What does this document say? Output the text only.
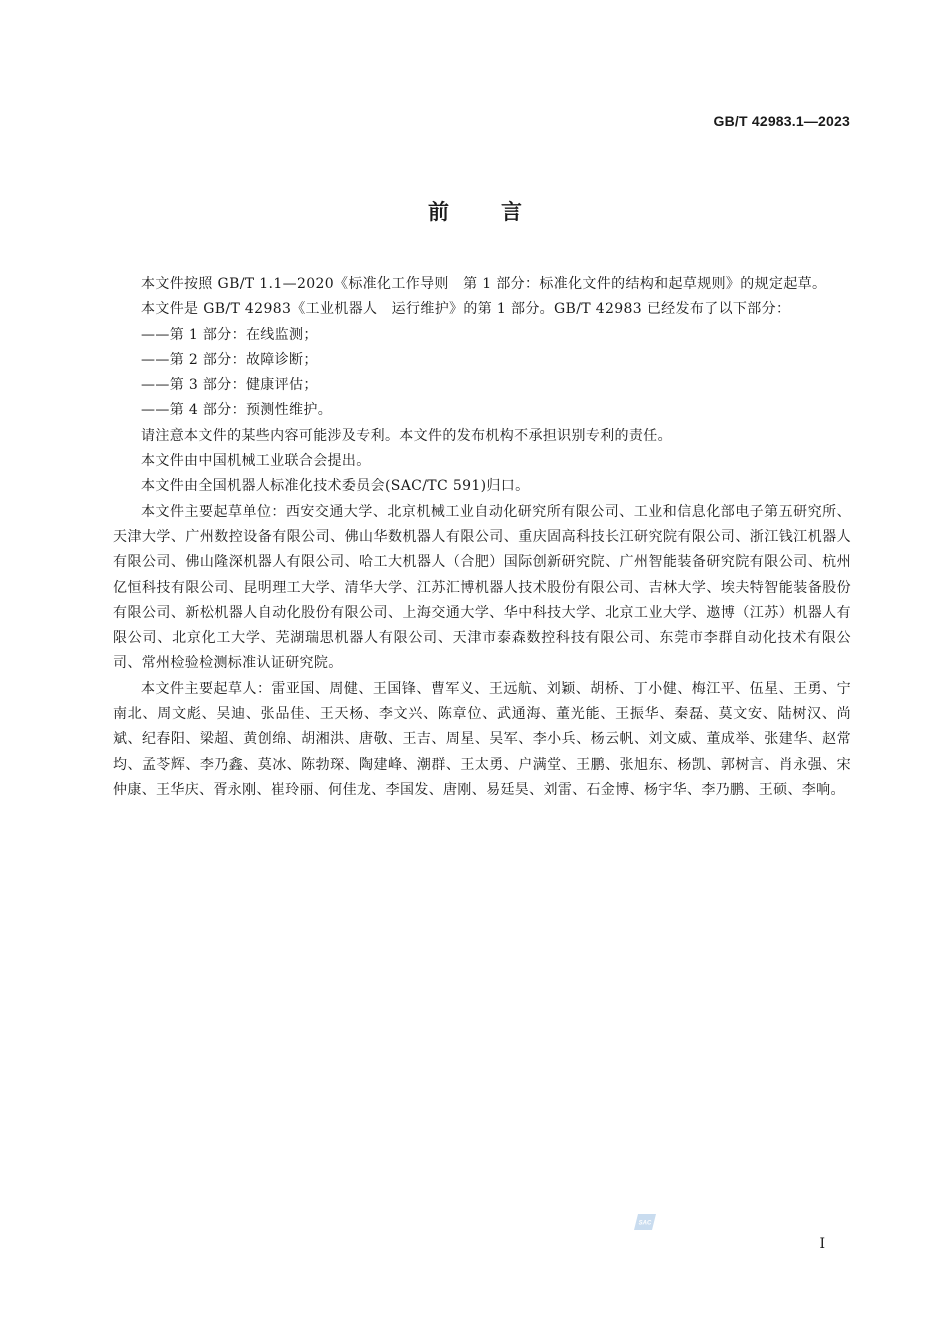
GB/T 42983.1—2023
前言

本文件按照 GB/T 1.1—2020《标准化工作导则　第 1 部分：标准化文件的结构和起草规则》的规定起草。

本文件是 GB/T 42983《工业机器人　运行维护》的第 1 部分。GB/T 42983 已经发布了以下部分：

——第 1 部分：在线监测；

——第 2 部分：故障诊断；

——第 3 部分：健康评估；

——第 4 部分：预测性维护。

请注意本文件的某些内容可能涉及专利。本文件的发布机构不承担识别专利的责任。

本文件由中国机械工业联合会提出。

本文件由全国机器人标准化技术委员会(SAC/TC 591)归口。

本文件主要起草单位：西安交通大学、北京机械工业自动化研究所有限公司、工业和信息化部电子第五研究所、天津大学、广州数控设备有限公司、佛山华数机器人有限公司、重庆固高科技长江研究院有限公司、浙江钱江机器人有限公司、佛山隆深机器人有限公司、哈工大机器人（合肥）国际创新研究院、广州智能装备研究院有限公司、杭州亿恒科技有限公司、昆明理工大学、清华大学、江苏汇博机器人技术股份有限公司、吉林大学、埃夫特智能装备股份有限公司、新松机器人自动化股份有限公司、上海交通大学、华中科技大学、北京工业大学、遨博（江苏）机器人有限公司、北京化工大学、芜湖瑞思机器人有限公司、天津市泰森数控科技有限公司、东莞市李群自动化技术有限公司、常州检验检测标准认证研究院。

本文件主要起草人：雷亚国、周健、王国锋、曹军义、王远航、刘颖、胡桥、丁小健、梅江平、伍星、王勇、宁南北、周文彪、吴迪、张品佳、王天杨、李文兴、陈章位、武通海、董光能、王振华、秦磊、莫文安、陆树汉、尚斌、纪春阳、梁超、黄创绵、胡湘洪、唐敬、王吉、周星、吴军、李小兵、杨云帆、刘文威、董成举、张建华、赵常均、孟苓辉、李乃鑫、莫冰、陈勃琛、陶建峰、潮群、王太勇、户满堂、王鹏、张旭东、杨凯、郭树言、肖永强、宋仲康、王华庆、胥永刚、崔玲丽、何佳龙、李国发、唐刚、易廷昊、刘雷、石金博、杨宇华、李乃鹏、王硕、李响。

SAC
I
